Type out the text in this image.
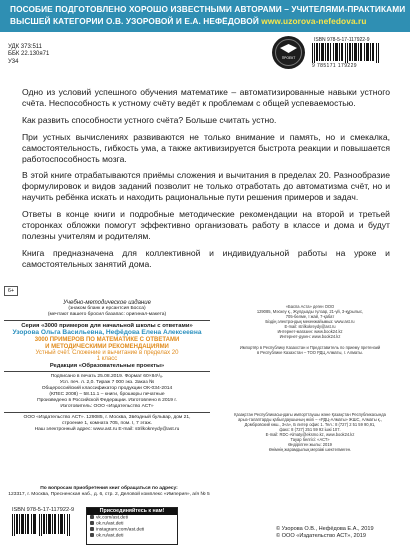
ПОСОБИЕ ПОДГОТОВЛЕНО ХОРОШО ИЗВЕСТНЫМИ АВТОРАМИ – УЧИТЕЛЯМИ-ПРАКТИКАМИ
ВЫСШЕЙ КАТЕГОРИИ О.В. УЗОРОВОЙ И Е.А. НЕФЁДОВОЙ www.uzorova-nefedova.ru
УДК 373:511
ББК 22.130я71
У34
ПРОЕКТ
ISBN 978-5-17-117922-9
9 785171 179229

Одно из условий успешного обучения математике – автоматизированные навыки устного счёта. Неспособность к устному счёту ведёт к проблемам с общей успеваемостью.

Как развить способности устного счёта? Больше считать устно.

При устных вычислениях развиваются не только внимание и память, но и смекалка, самостоятельность, гибкость ума, а также активизируется быстрота реакции и повышается работоспособность мозга.

В этой книге отрабатываются приёмы сложения и вычитания в пределах 20. Разнообразие формулировок и видов заданий позволит не только отработать до автоматизма счёт, но и научить ребёнка искать и находить рациональные пути решения примеров и задач.

Ответы в конце книги и подробные методические рекомендации на второй и третьей сторонках обложки помогут эффективно организовать работу в классе и дома и будут полезны учителям и родителям.

Книга предназначена для коллективной и индивидуальной работы на уроке и самостоятельных занятий дома.

6+
Учебно-методическое издание
(знаком бланк и ерсантсия Босса)
(мечтают вашего бросил базапас: оригинал-макета)
Серия «3000 примеров для начальной школы с ответами»
Узорова Ольга Васильевна, Нефёдова Елена Алексеевна
3000 ПРИМЕРОВ ПО МАТЕМАТИКЕ С ОТВЕТАМИ
И МЕТОДИЧЕСКИМИ РЕКОМЕНДАЦИЯМИ
Устный счёт. Сложение и вычитание в пределах 20
1 класс
Редакция «Образовательные проекты»
Подписано в печать 25.08.2019. Формат 60×84¹/₈.
Усл. печ. л. 2,0. Тираж 7 000 экз. Заказ №
Общероссийский классификатор продукции ОК-034-2014
(КПЕС 2008) – 58.11.1 – книги, брошюры печатные
Произведено в Российской Федерации. Изготовлено в 2019 г.
Изготовитель: ООО «Издательство АСТ»
ООО «Издательство АСТ». 129085, г. Москва, Звёздный бульвар, дом 21,
строение 1, комната 705, пом. I, 7 этаж.
Наш электронный адрес: www.ast.ru E-mail: strilkokreydy@ast.ru
«Баспа Аста» деген ООО
129085, Мәскеу қ., Жұлдызды гүлзар, 21-үй, 3-құрылыс,
705-бөлме, I жай, 7-қабат
Біздің электрондық мекенжайымыз: www.ast.ru
E-mail: strilkokreydy@ast.ru
Интернет-магазин: www.book24.kz
Интернет-дүкен: www.book24.kz
Импортёр в Республику Казахстан и Представитель по приему претензий
в Республике Казахстан – ТОО РДЦ Алматы, г. Алматы.
Қазақстан Республикасындағы импорттаушы және Қазақстан Республикасында
арыз-талаптарды қабылдаушының өкілі – «РДЦ-Алматы» ЖШС, Алматы қ.,
Домбровский көш., 3«а», Б литер офис 1. Тел.: 8 (727) 2 51 59 90,91,
факс: 8 (727) 251 59 92 ішкі 107.
E-mail: RDC-Almaty@eksmo.kz, www.book24.kz
Тауар белгісі: «АСТ»
Өндірілген жылы: 2019
Өнімнің жарамдылық мерзімі шектелмеген.
По вопросам приобретения книг обращаться по адресу:
123317, г. Москва, Пресненская наб., д. 6, стр. 2, Деловой комплекс «Империя», а/я № 5
ISBN 978-5-17-117922-9	Присоединяйтесь к нам!
vk.com/ast.deti
ok.ru/ast.deti
instagram.com/ast.deti
ok.ru/ast.deti
© Узорова О.В., Нефёдова Е.А., 2019
© ООО «Издательство АСТ», 2019
